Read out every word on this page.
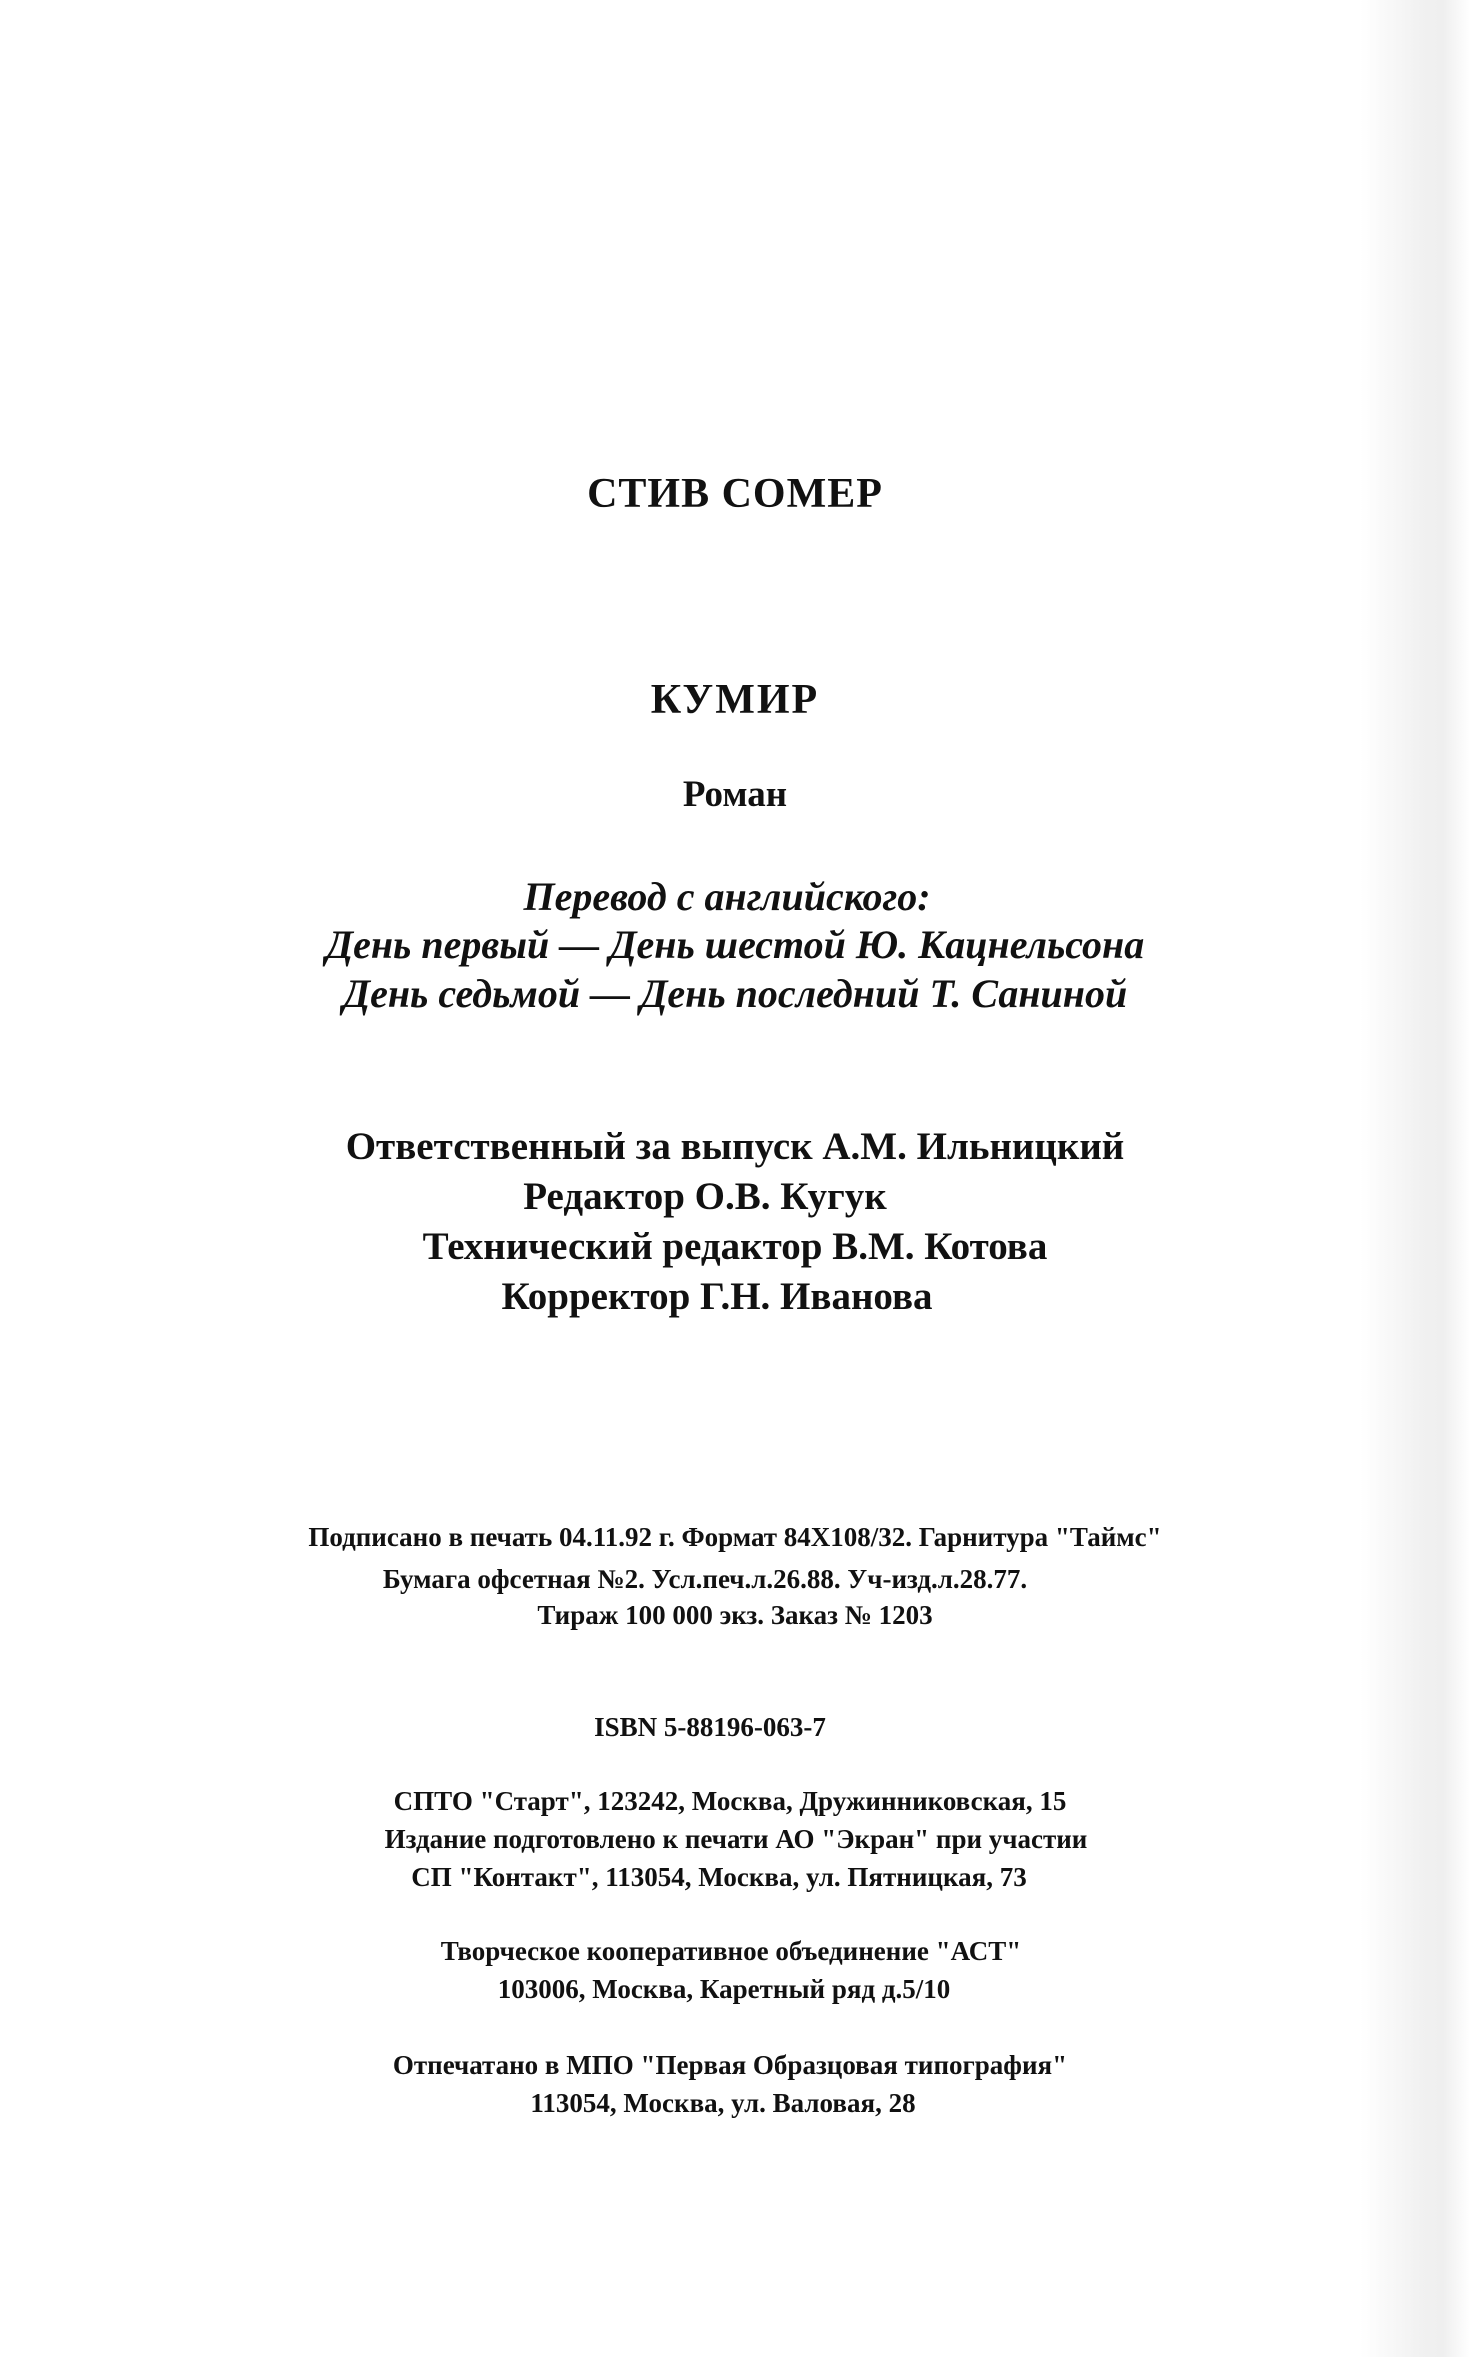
СТИВ СОМЕР
КУМИР
Роман
Перевод с английского:
День первый — День шестой Ю. Кацнельсона
День седьмой — День последний Т. Саниной
Ответственный за выпуск А.М. Ильницкий
Редактор О.В. Кугук
Технический редактор В.М. Котова
Корректор Г.Н. Иванова
Подписано в печать 04.11.92 г. Формат 84X108/32. Гарнитура "Таймс"
Бумага офсетная №2. Усл.печ.л.26.88. Уч-изд.л.28.77.
Тираж 100 000 экз. Заказ № 1203
ISBN 5-88196-063-7
СПТО "Старт", 123242, Москва, Дружинниковская, 15
Издание подготовлено к печати АО "Экран" при участии
СП "Контакт", 113054, Москва, ул. Пятницкая, 73
Творческое кооперативное объединение "АСТ"
103006, Москва, Каретный ряд д.5/10
Отпечатано в МПО "Первая Образцовая типография"
113054, Москва, ул. Валовая, 28
